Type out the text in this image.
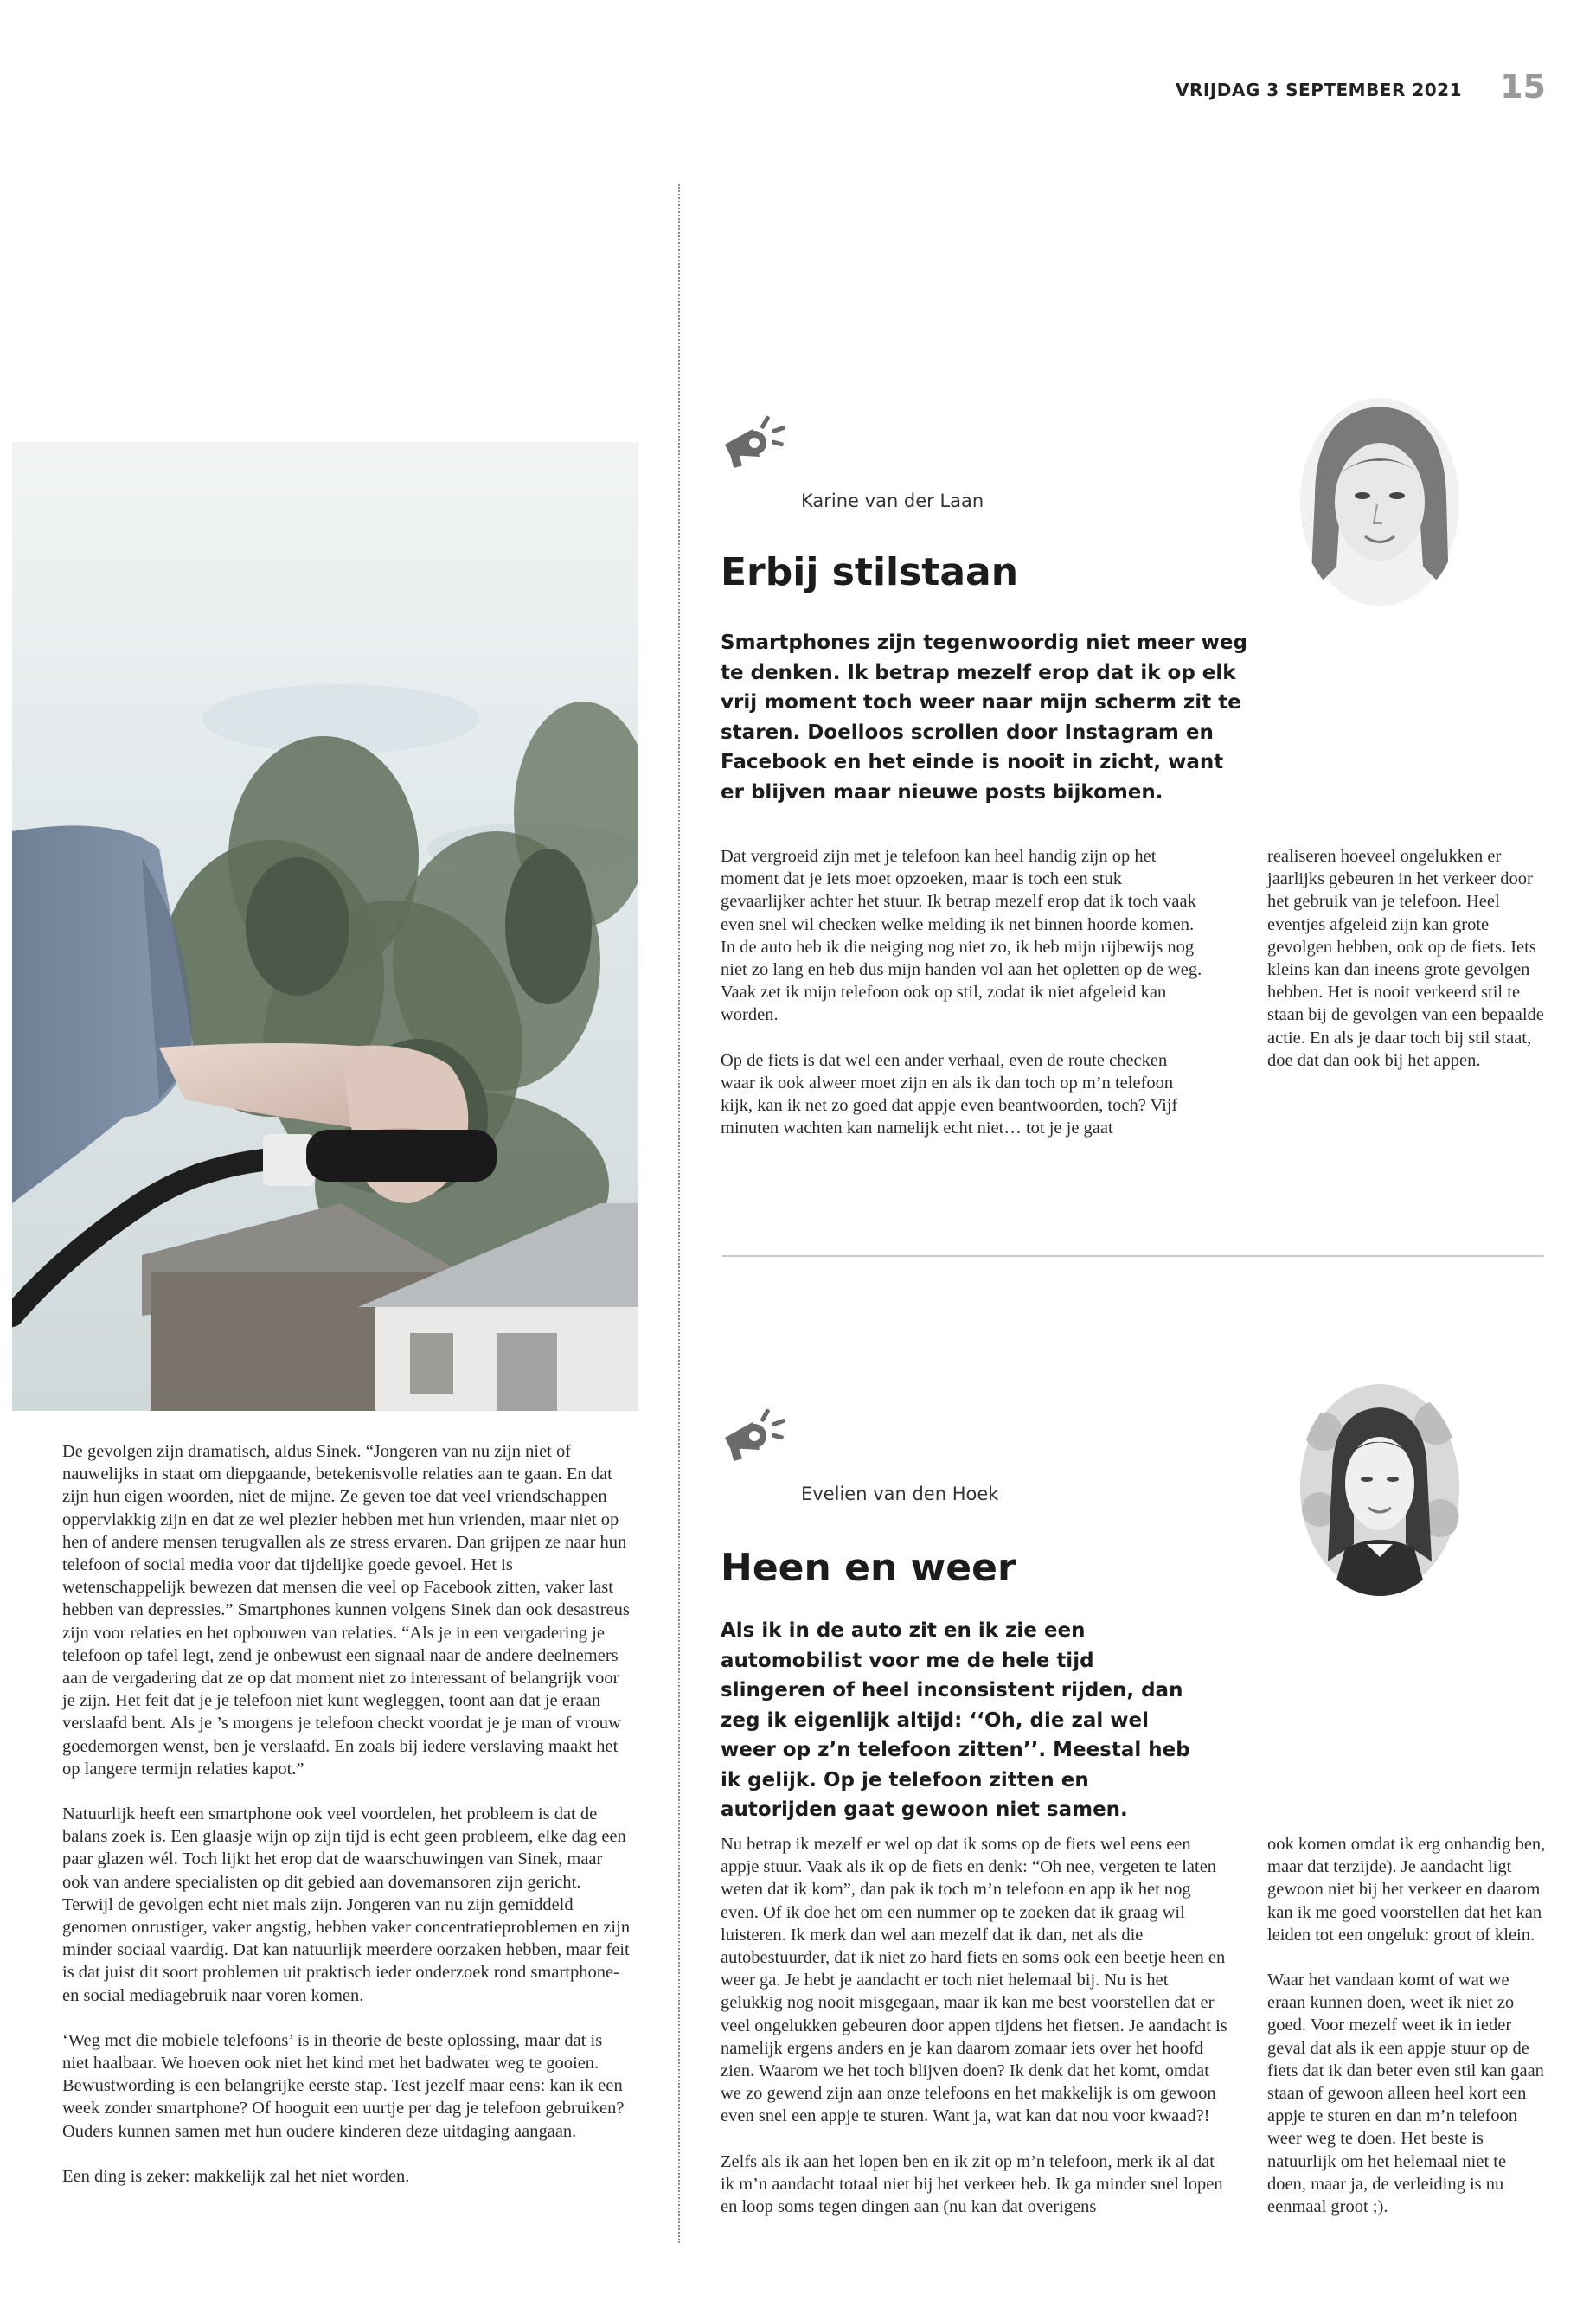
VRIJDAG 3 SEPTEMBER 2021 15

De gevolgen zijn dramatisch, aldus Sinek. “Jongeren van nu zijn niet of nauwelijks in staat om diepgaande, betekenisvolle relaties aan te gaan. En dat zijn hun eigen woorden, niet de mijne. Ze geven toe dat veel vriendschappen oppervlakkig zijn en dat ze wel plezier hebben met hun vrienden, maar niet op hen of andere mensen terugvallen als ze stress ervaren. Dan grijpen ze naar hun telefoon of social media voor dat tijdelijke goede gevoel. Het is wetenschappelijk bewezen dat mensen die veel op Facebook zitten, vaker last hebben van depressies.” Smartphones kunnen volgens Sinek dan ook desastreus zijn voor relaties en het opbouwen van relaties. “Als je in een vergadering je telefoon op tafel legt, zend je onbewust een signaal naar de andere deelnemers aan de vergadering dat ze op dat moment niet zo interessant of belangrijk voor je zijn. Het feit dat je je telefoon niet kunt wegleggen, toont aan dat je eraan verslaafd bent. Als je ’s morgens je telefoon checkt voordat je je man of vrouw goedemorgen wenst, ben je verslaafd. En zoals bij iedere verslaving maakt het op langere termijn relaties kapot.”

Natuurlijk heeft een smartphone ook veel voordelen, het probleem is dat de balans zoek is. Een glaasje wijn op zijn tijd is echt geen probleem, elke dag een paar glazen wél. Toch lijkt het erop dat de waarschuwingen van Sinek, maar ook van andere specialisten op dit gebied aan dovemansoren zijn gericht. Terwijl de gevolgen echt niet mals zijn. Jongeren van nu zijn gemiddeld genomen onrustiger, vaker angstig, hebben vaker concentratieproblemen en zijn minder sociaal vaardig. Dat kan natuurlijk meerdere oorzaken hebben, maar feit is dat juist dit soort problemen uit praktisch ieder onderzoek rond smartphone- en social mediagebruik naar voren komen.

‘Weg met die mobiele telefoons’ is in theorie de beste oplossing, maar dat is niet haalbaar. We hoeven ook niet het kind met het badwater weg te gooien. Bewustwording is een belangrijke eerste stap. Test jezelf maar eens: kan ik een week zonder smartphone? Of hooguit een uurtje per dag je telefoon gebruiken? Ouders kunnen samen met hun oudere kinderen deze uitdaging aangaan.

Een ding is zeker: makkelijk zal het niet worden.

Karine van der Laan
Erbij stilstaan

Smartphones zijn tegenwoordig niet meer weg te denken. Ik betrap mezelf erop dat ik op elk vrij moment toch weer naar mijn scherm zit te staren. Doelloos scrollen door Instagram en Facebook en het einde is nooit in zicht, want er blijven maar nieuwe posts bijkomen.

Dat vergroeid zijn met je telefoon kan heel handig zijn op het moment dat je iets moet opzoeken, maar is toch een stuk gevaarlijker achter het stuur. Ik betrap mezelf erop dat ik toch vaak even snel wil checken welke melding ik net binnen hoorde komen. In de auto heb ik die neiging nog niet zo, ik heb mijn rijbewijs nog niet zo lang en heb dus mijn handen vol aan het opletten op de weg. Vaak zet ik mijn telefoon ook op stil, zodat ik niet afgeleid kan worden.

Op de fiets is dat wel een ander verhaal, even de route checken waar ik ook alweer moet zijn en als ik dan toch op m’n telefoon kijk, kan ik net zo goed dat appje even beantwoorden, toch? Vijf minuten wachten kan namelijk echt niet… tot je je gaat

realiseren hoeveel ongelukken er jaarlijks gebeuren in het verkeer door het gebruik van je telefoon. Heel eventjes afgeleid zijn kan grote gevolgen hebben, ook op de fiets. Iets kleins kan dan ineens grote gevolgen hebben. Het is nooit verkeerd stil te staan bij de gevolgen van een bepaalde actie. En als je daar toch bij stil staat, doe dat dan ook bij het appen.

Evelien van den Hoek
Heen en weer

Als ik in de auto zit en ik zie een automobilist voor me de hele tijd slingeren of heel inconsistent rijden, dan zeg ik eigenlijk altijd: ‘‘Oh, die zal wel weer op z’n telefoon zitten’’. Meestal heb ik gelijk. Op je telefoon zitten en autorijden gaat gewoon niet samen.

Nu betrap ik mezelf er wel op dat ik soms op de fiets wel eens een appje stuur. Vaak als ik op de fiets en denk: “Oh nee, vergeten te laten weten dat ik kom”, dan pak ik toch m’n telefoon en app ik het nog even. Of ik doe het om een nummer op te zoeken dat ik graag wil luisteren. Ik merk dan wel aan mezelf dat ik dan, net als die autobestuurder, dat ik niet zo hard fiets en soms ook een beetje heen en weer ga. Je hebt je aandacht er toch niet helemaal bij. Nu is het gelukkig nog nooit misgegaan, maar ik kan me best voorstellen dat er veel ongelukken gebeuren door appen tijdens het fietsen. Je aandacht is namelijk ergens anders en je kan daarom zomaar iets over het hoofd zien. Waarom we het toch blijven doen? Ik denk dat het komt, omdat we zo gewend zijn aan onze telefoons en het makkelijk is om gewoon even snel een appje te sturen. Want ja, wat kan dat nou voor kwaad?!

Zelfs als ik aan het lopen ben en ik zit op m’n telefoon, merk ik al dat ik m’n aandacht totaal niet bij het verkeer heb. Ik ga minder snel lopen en loop soms tegen dingen aan (nu kan dat overigens

ook komen omdat ik erg onhandig ben, maar dat terzijde). Je aandacht ligt gewoon niet bij het verkeer en daarom kan ik me goed voorstellen dat het kan leiden tot een ongeluk: groot of klein.

Waar het vandaan komt of wat we eraan kunnen doen, weet ik niet zo goed. Voor mezelf weet ik in ieder geval dat als ik een appje stuur op de fiets dat ik dan beter even stil kan gaan staan of gewoon alleen heel kort een appje te sturen en dan m’n telefoon weer weg te doen. Het beste is natuurlijk om het helemaal niet te doen, maar ja, de verleiding is nu eenmaal groot ;).
